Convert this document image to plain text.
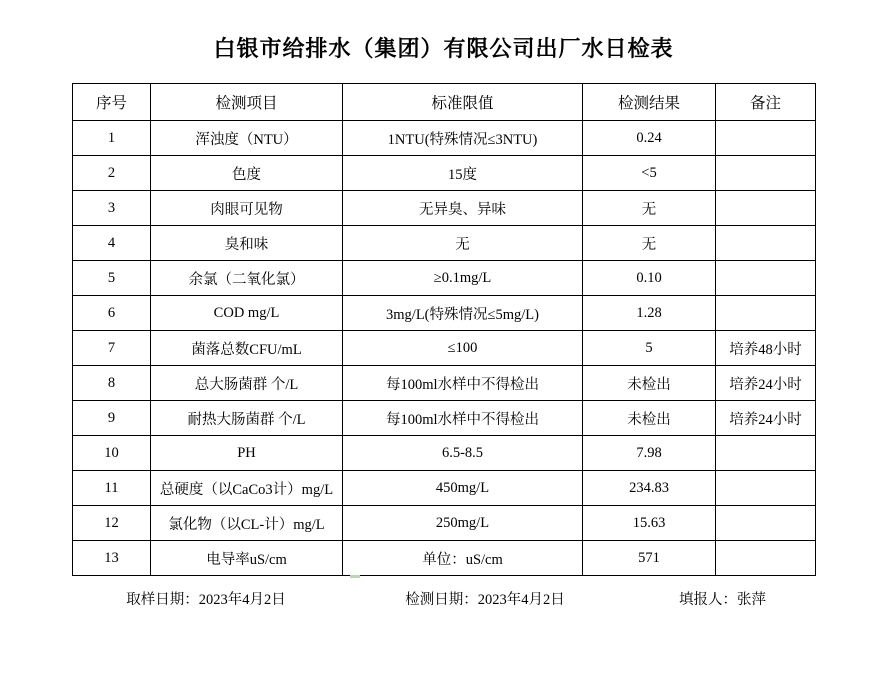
白银市给排水（集团）有限公司出厂水日检表
序号	检测项目	标准限值	检测结果	备注
1	浑浊度（NTU）	1NTU(特殊情况≤3NTU)	0.24	
2	色度	15度	<5	
3	肉眼可见物	无异臭、异味	无	
4	臭和味	无	无	
5	余氯（二氧化氯）	≥0.1mg/L	0.10	
6	COD mg/L	3mg/L(特殊情况≤5mg/L)	1.28	
7	菌落总数CFU/mL	≤100	5	培养48小时
8	总大肠菌群 个/L	每100ml水样中不得检出	未检出	培养24小时
9	耐热大肠菌群 个/L	每100ml水样中不得检出	未检出	培养24小时
10	PH	6.5-8.5	7.98	
11	总硬度（以CaCo3计）mg/L	450mg/L	234.83	
12	氯化物（以CL-计）mg/L	250mg/L	15.63	
13	电导率uS/cm	单位：uS/cm	571	
取样日期：2023年4月2日	检测日期：2023年4月2日	填报人：张萍
